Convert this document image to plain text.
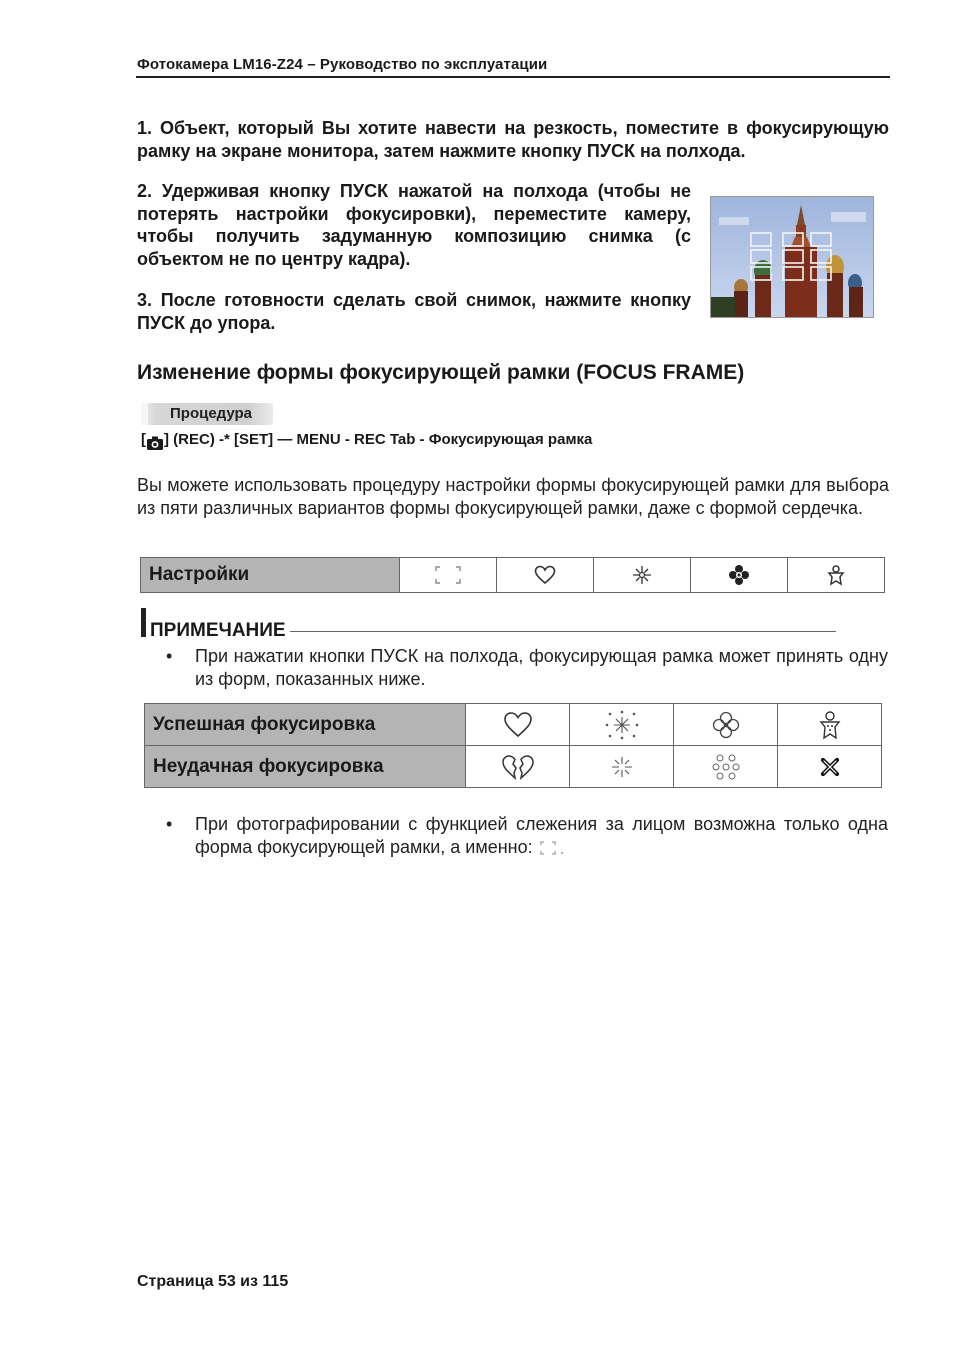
Фотокамера LM16-Z24 – Руководство по эксплуатации
1. Объект, который Вы хотите навести на резкость, поместите в фокусирующую рамку на экране монитора, затем нажмите кнопку ПУСК на полхода.
2. Удерживая кнопку ПУСК нажатой на полхода (чтобы не потерять настройки фокусировки), переместите камеру, чтобы получить задуманную композицию снимка (с объектом не по центру кадра).
3. После готовности сделать свой снимок, нажмите кнопку ПУСК до упора.
Изменение формы фокусирующей рамки (FOCUS FRAME)
Процедура
[ ] (REC) -* [SET] — MENU - REC Tab - Фокусирующая рамка
Вы можете использовать процедуру настройки формы фокусирующей рамки для выбора из пяти различных вариантов формы фокусирующей рамки, даже с формой сердечка.
Настройки					
ПРИМЕЧАНИЕ
• При нажатии кнопки ПУСК на полхода, фокусирующая рамка может принять одну из форм, показанных ниже.
Успешная фокусировка				
Неудачная фокусировка				
• При фотографировании с функцией слежения за лицом возможна только одна форма фокусирующей рамки, а именно:
Страница 53 из 115
